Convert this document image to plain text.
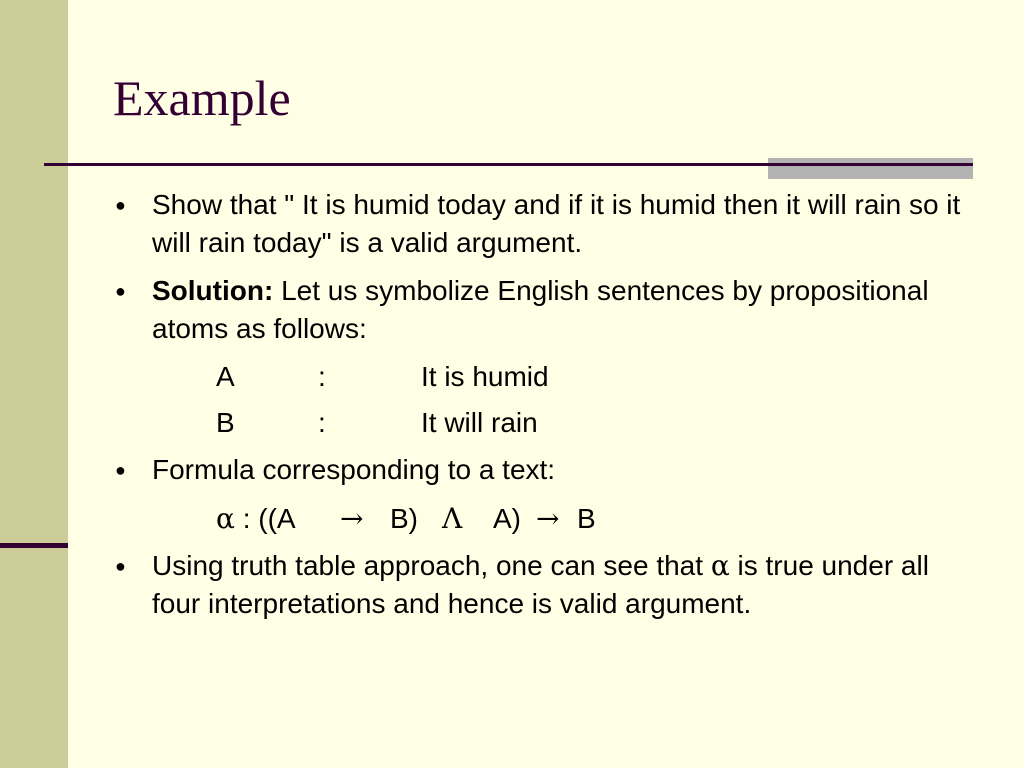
Example
● Show that " It is humid today and if it is humid then it will rain so it will rain today" is a valid argument.
● Solution: Let us symbolize English sentences by propositional atoms as follows:
A	:	It is humid
B	:	It will rain
● Formula corresponding to a text:
α : ((A → B) Λ A) → B
● Using truth table approach, one can see that α is true under all four interpretations and hence is valid argument.
